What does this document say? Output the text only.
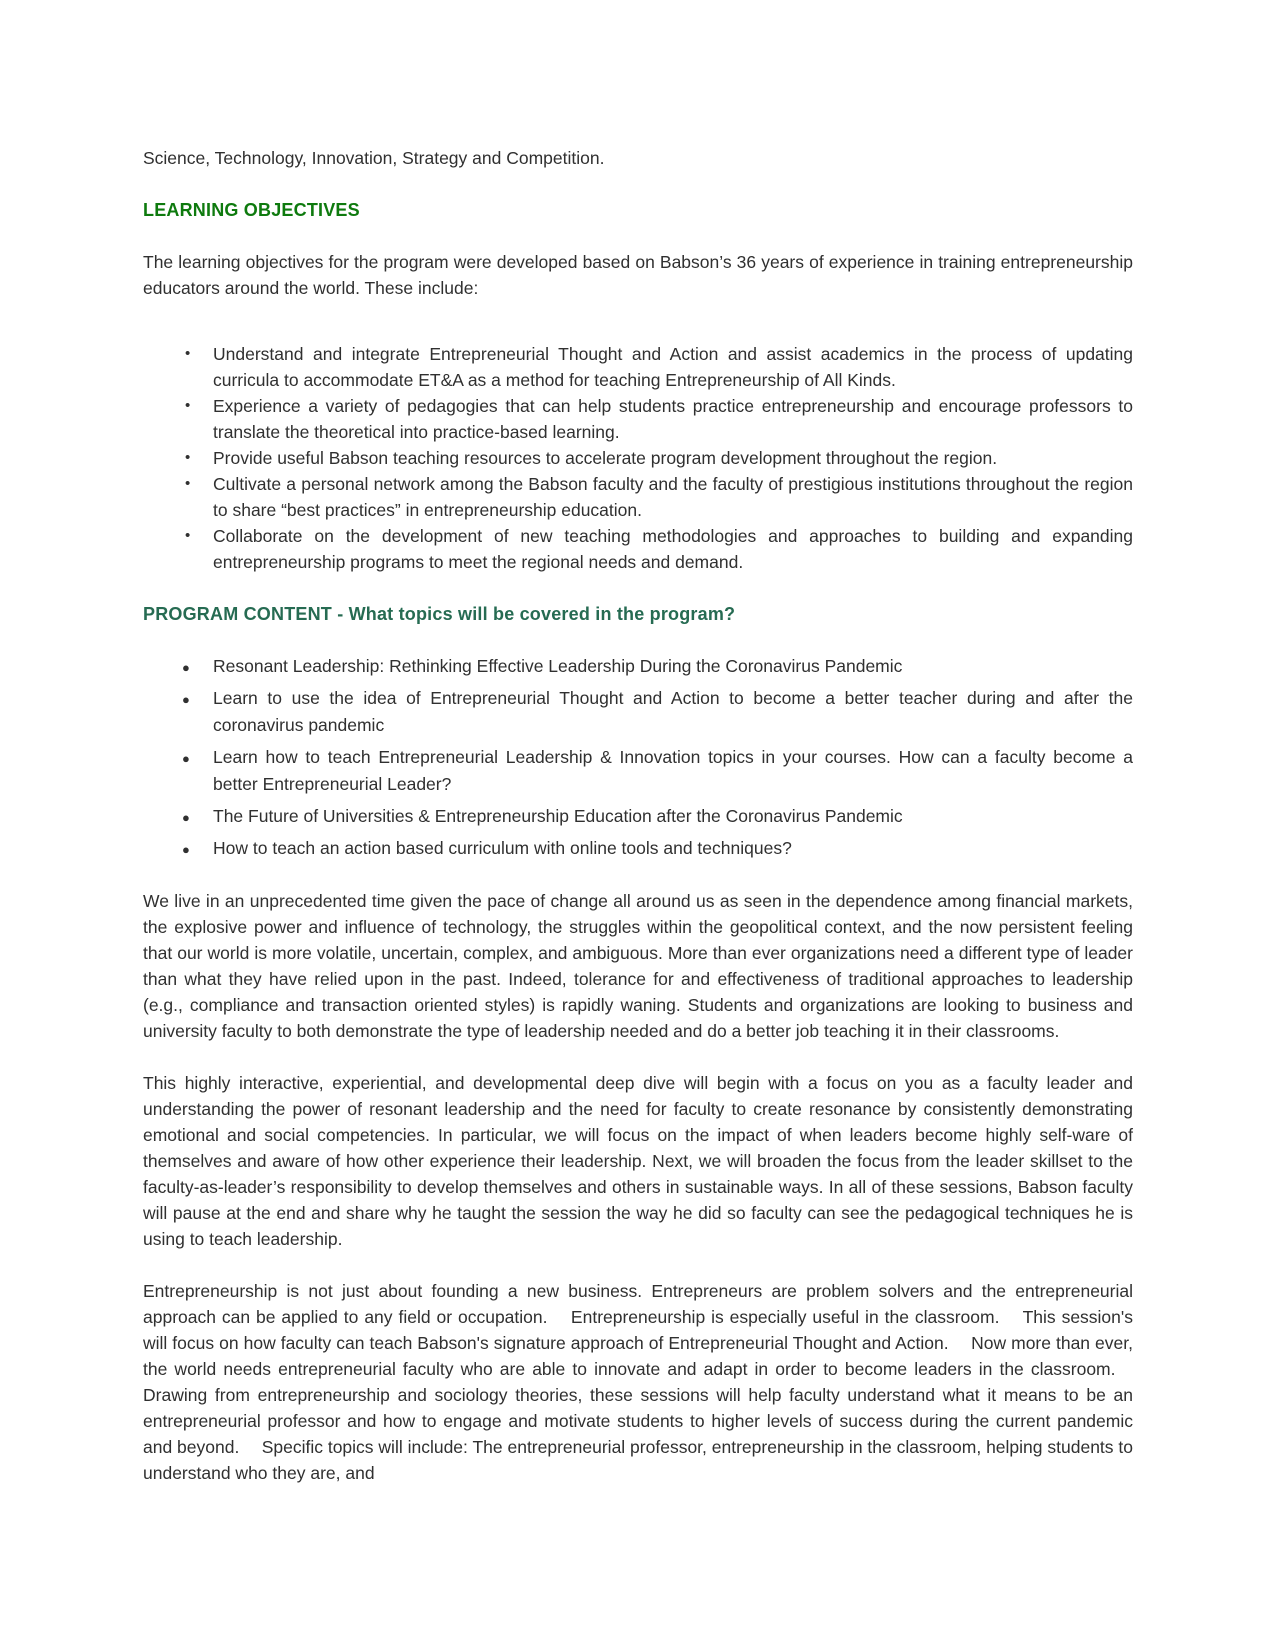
Science, Technology, Innovation, Strategy and Competition.

LEARNING OBJECTIVES

The learning objectives for the program were developed based on Babson’s 36 years of experience in training entrepreneurship educators around the world. These include:

• Understand and integrate Entrepreneurial Thought and Action and assist academics in the process of updating curricula to accommodate ET&A as a method for teaching Entrepreneurship of All Kinds.
• Experience a variety of pedagogies that can help students practice entrepreneurship and encourage professors to translate the theoretical into practice-based learning.
• Provide useful Babson teaching resources to accelerate program development throughout the region.
• Cultivate a personal network among the Babson faculty and the faculty of prestigious institutions throughout the region to share “best practices” in entrepreneurship education.
• Collaborate on the development of new teaching methodologies and approaches to building and expanding entrepreneurship programs to meet the regional needs and demand.
PROGRAM CONTENT - What topics will be covered in the program?
● Resonant Leadership: Rethinking Effective Leadership During the Coronavirus Pandemic
● Learn to use the idea of Entrepreneurial Thought and Action to become a better teacher during and after the coronavirus pandemic
● Learn how to teach Entrepreneurial Leadership & Innovation topics in your courses. How can a faculty become a better Entrepreneurial Leader?
● The Future of Universities & Entrepreneurship Education after the Coronavirus Pandemic
● How to teach an action based curriculum with online tools and techniques?

We live in an unprecedented time given the pace of change all around us as seen in the dependence among financial markets, the explosive power and influence of technology, the struggles within the geopolitical context, and the now persistent feeling that our world is more volatile, uncertain, complex, and ambiguous. More than ever organizations need a different type of leader than what they have relied upon in the past. Indeed, tolerance for and effectiveness of traditional approaches to leadership (e.g., compliance and transaction oriented styles) is rapidly waning. Students and organizations are looking to business and university faculty to both demonstrate the type of leadership needed and do a better job teaching it in their classrooms.

This highly interactive, experiential, and developmental deep dive will begin with a focus on you as a faculty leader and understanding the power of resonant leadership and the need for faculty to create resonance by consistently demonstrating emotional and social competencies. In particular, we will focus on the impact of when leaders become highly self-ware of themselves and aware of how other experience their leadership. Next, we will broaden the focus from the leader skillset to the faculty-as-leader’s responsibility to develop themselves and others in sustainable ways. In all of these sessions, Babson faculty will pause at the end and share why he taught the session the way he did so faculty can see the pedagogical techniques he is using to teach leadership.

Entrepreneurship is not just about founding a new business. Entrepreneurs are problem solvers and the entrepreneurial approach can be applied to any field or occupation.  Entrepreneurship is especially useful in the classroom.  This session's will focus on how faculty can teach Babson's signature approach of Entrepreneurial Thought and Action.  Now more than ever, the world needs entrepreneurial faculty who are able to innovate and adapt in order to become leaders in the classroom.  Drawing from entrepreneurship and sociology theories, these sessions will help faculty understand what it means to be an entrepreneurial professor and how to engage and motivate students to higher levels of success during the current pandemic and beyond.  Specific topics will include: The entrepreneurial professor, entrepreneurship in the classroom, helping students to understand who they are, and
